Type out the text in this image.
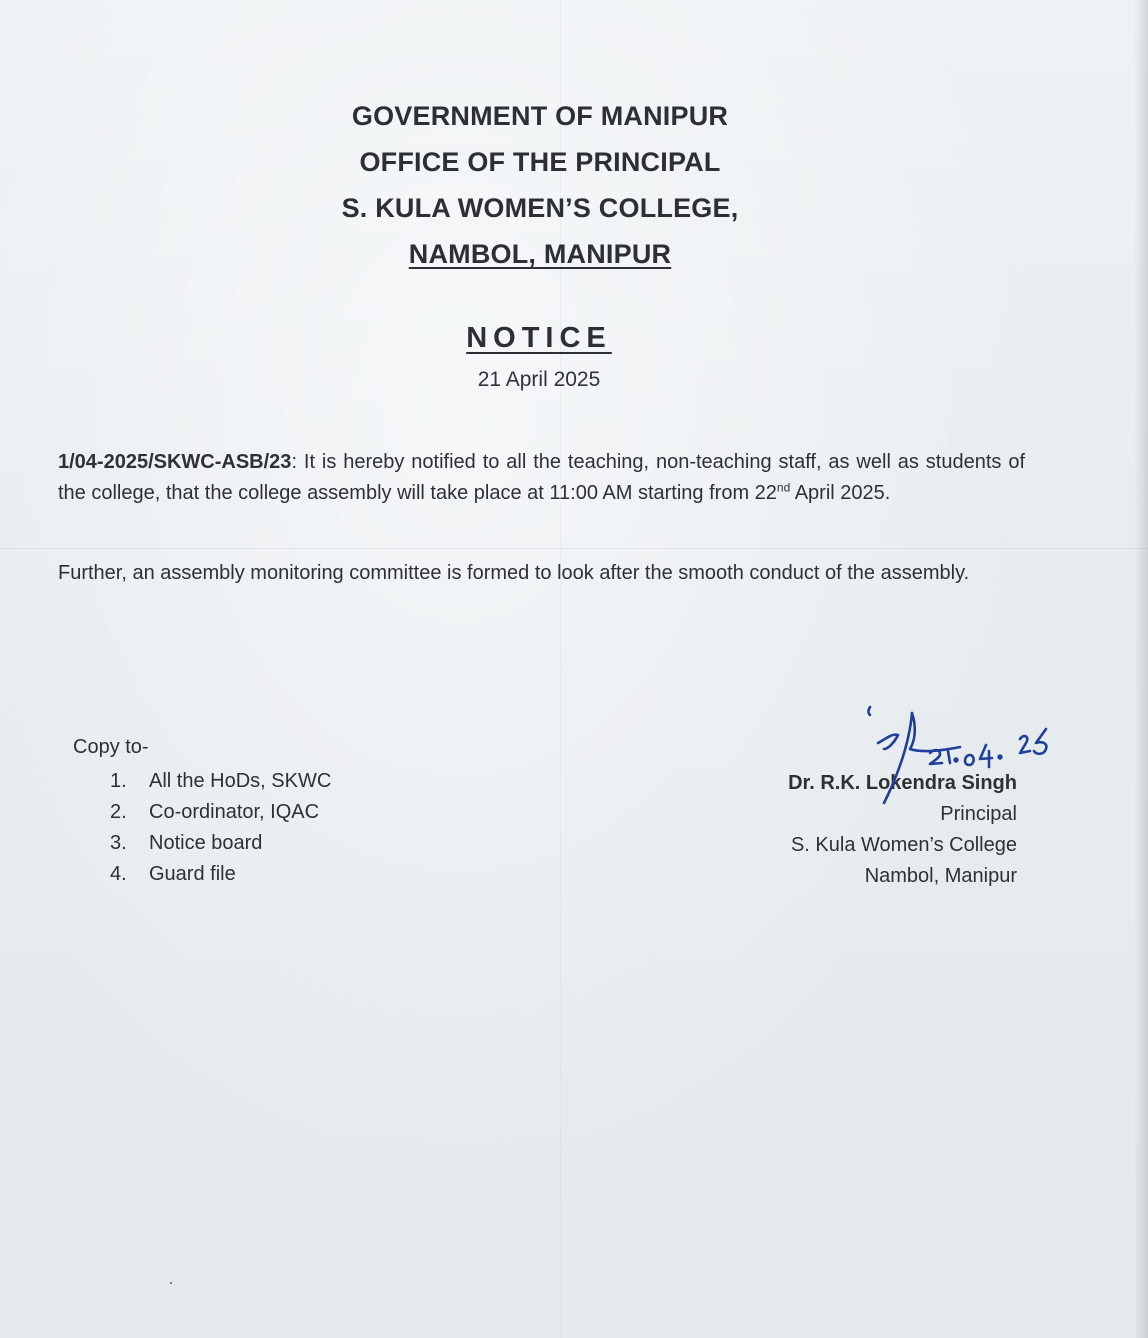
GOVERNMENT OF MANIPUR
OFFICE OF THE PRINCIPAL
S. KULA WOMEN’S COLLEGE,
NAMBOL, MANIPUR
NOTICE
21 April 2025
1/04-2025/SKWC-ASB/23: It is hereby notified to all the teaching, non-teaching staff, as well as students of the college, that the college assembly will take place at 11:00 AM starting from 22nd April 2025.
Further, an assembly monitoring committee is formed to look after the smooth conduct of the assembly.
Copy to-
1.	All the HoDs, SKWC
2.	Co-ordinator, IQAC
3.	Notice board
4.	Guard file
Dr. R.K. Lokendra Singh
Principal
S. Kula Women’s College
Nambol, Manipur
